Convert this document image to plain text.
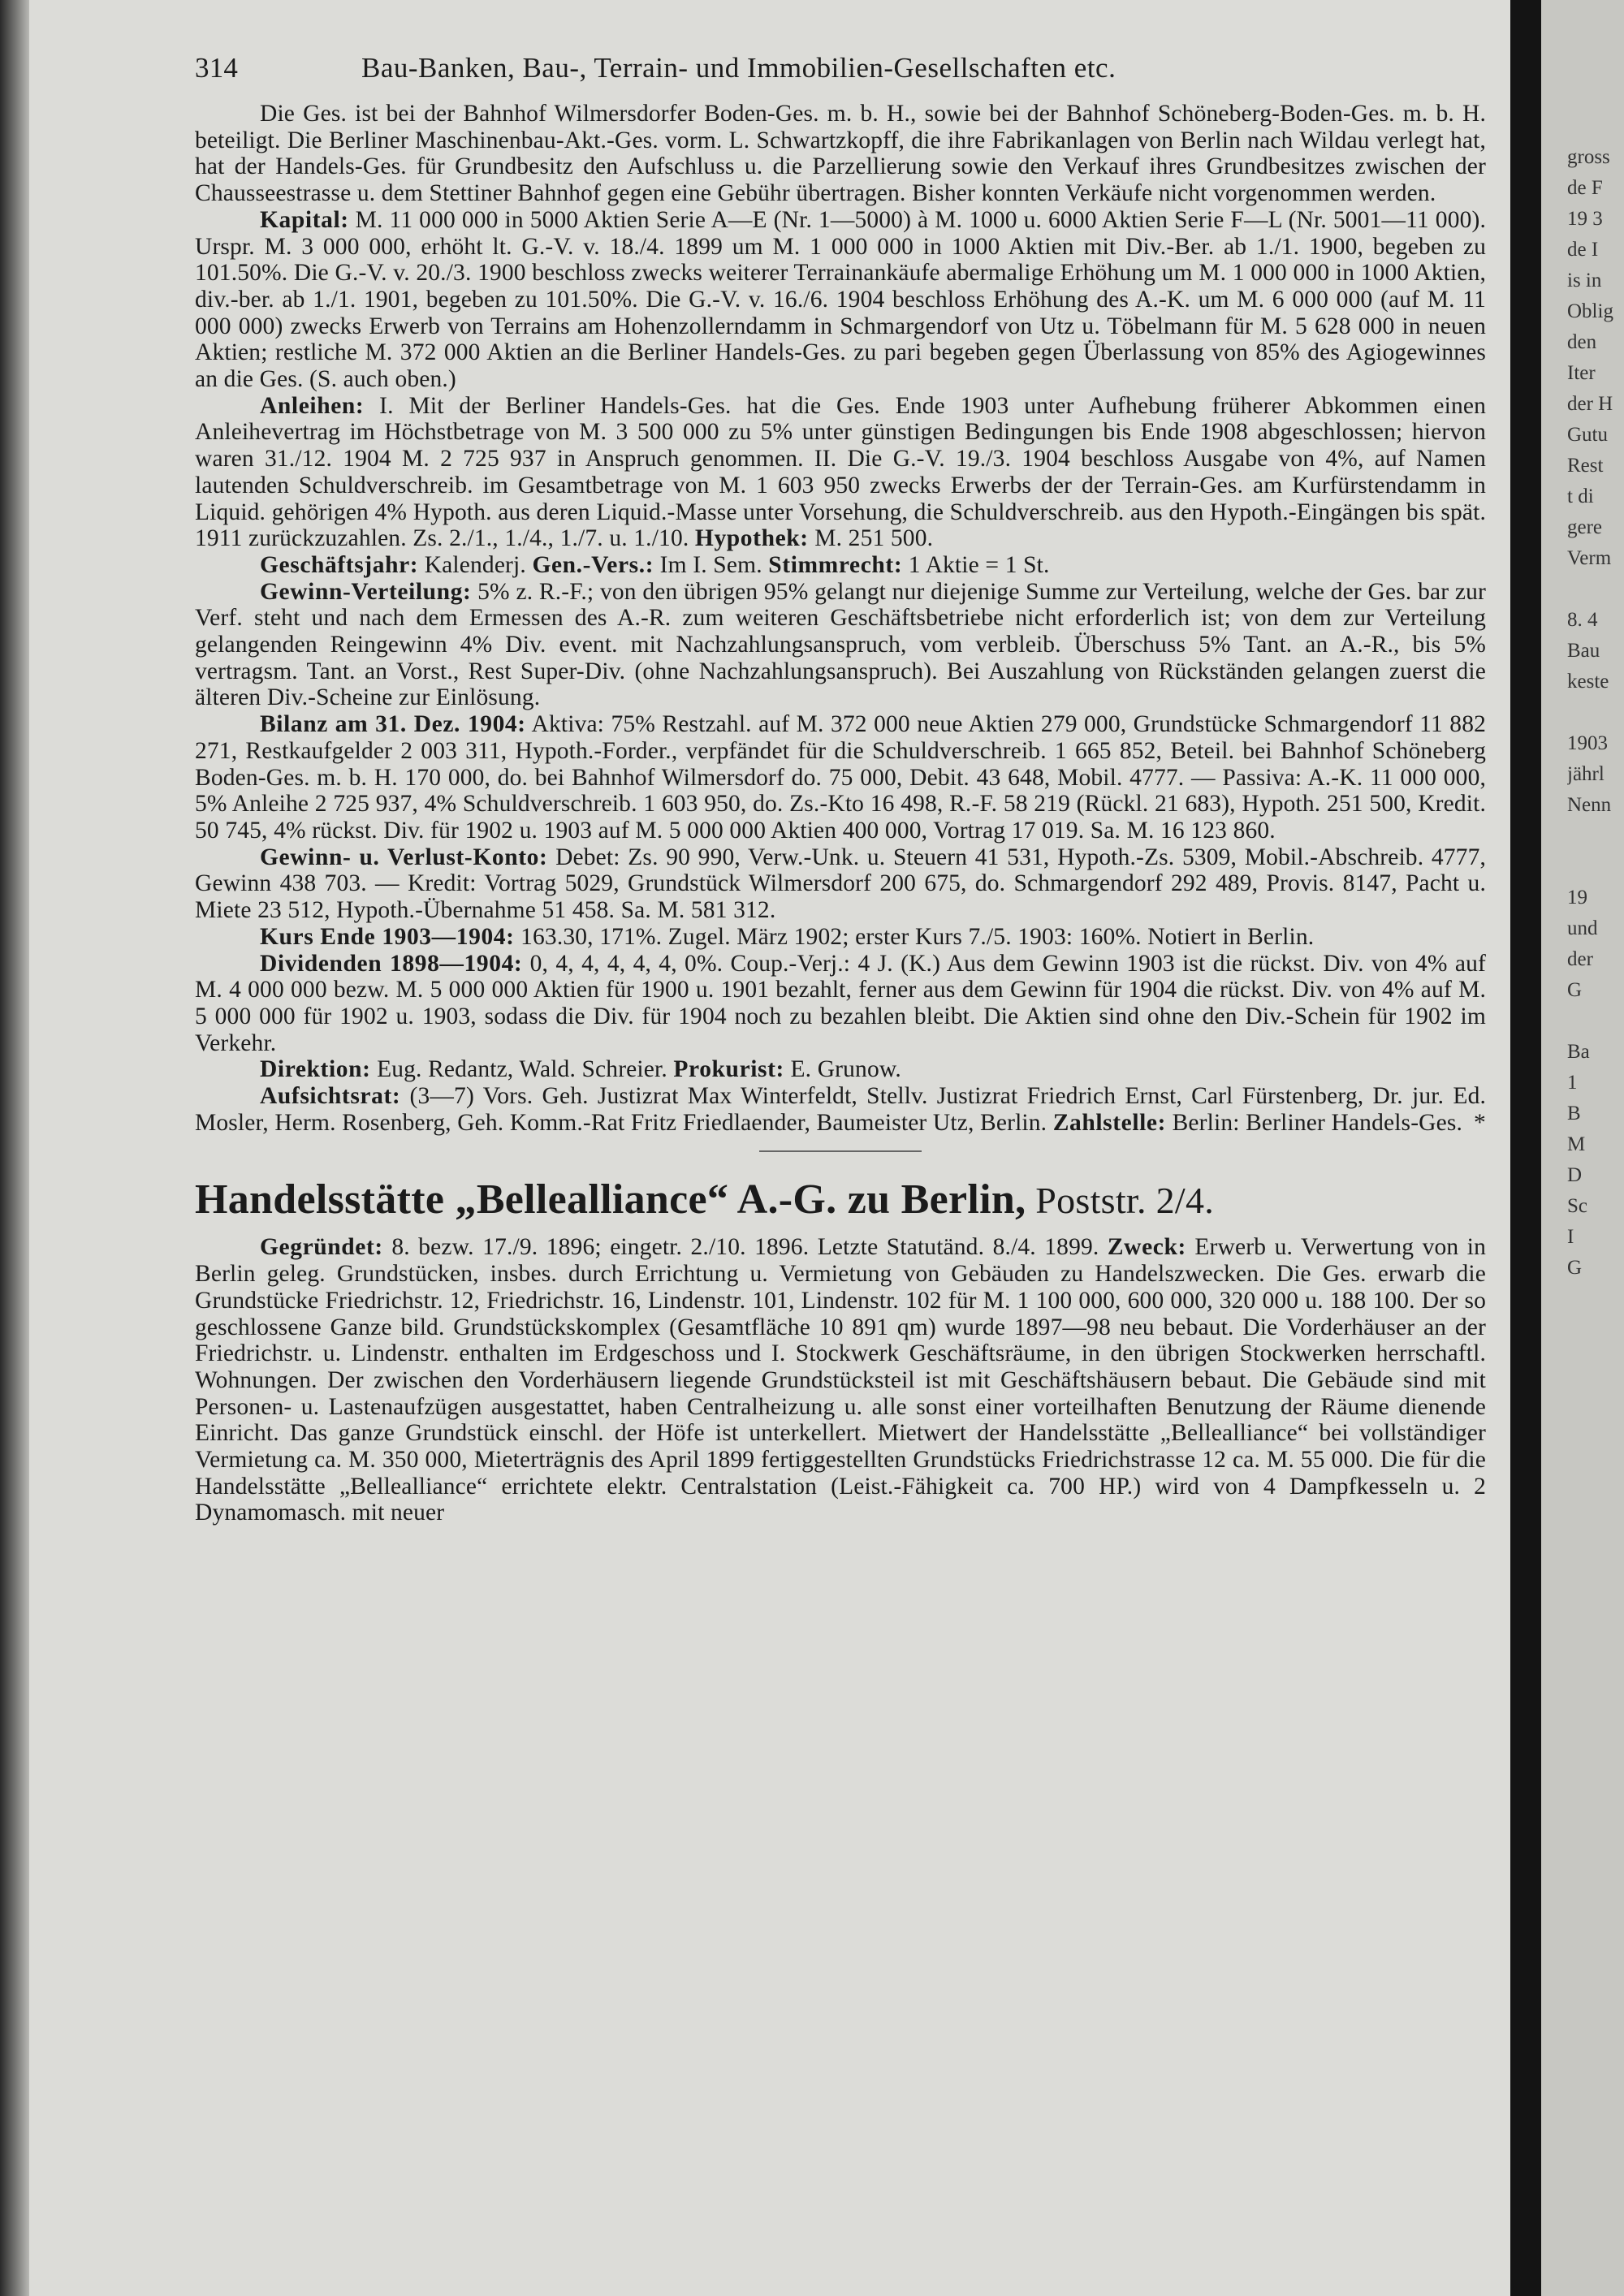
gross
de F
19 3
de I
is in
Oblig
den
Iter
der H
Gutu
Rest
t di
gere
Verm
8. 4
Bau
keste
1903
jährl
Nenn
19
und
der
G
Ba
1
B
M
D
Sc
I
G
314	Bau-Banken, Bau-, Terrain- und Immobilien-Gesellschaften etc.

Die Ges. ist bei der Bahnhof Wilmersdorfer Boden-Ges. m. b. H., sowie bei der Bahnhof Schöneberg-Boden-Ges. m. b. H. beteiligt. Die Berliner Maschinenbau-Akt.-Ges. vorm. L. Schwartzkopff, die ihre Fabrikanlagen von Berlin nach Wildau verlegt hat, hat der Handels-Ges. für Grundbesitz den Aufschluss u. die Parzellierung sowie den Verkauf ihres Grundbesitzes zwischen der Chausseestrasse u. dem Stettiner Bahnhof gegen eine Gebühr übertragen. Bisher konnten Verkäufe nicht vorgenommen werden.

Kapital: M. 11 000 000 in 5000 Aktien Serie A—E (Nr. 1—5000) à M. 1000 u. 6000 Aktien Serie F—L (Nr. 5001—11 000). Urspr. M. 3 000 000, erhöht lt. G.-V. v. 18./4. 1899 um M. 1 000 000 in 1000 Aktien mit Div.-Ber. ab 1./1. 1900, begeben zu 101.50%. Die G.-V. v. 20./3. 1900 beschloss zwecks weiterer Terrainankäufe abermalige Erhöhung um M. 1 000 000 in 1000 Aktien, div.-ber. ab 1./1. 1901, begeben zu 101.50%. Die G.-V. v. 16./6. 1904 beschloss Erhöhung des A.-K. um M. 6 000 000 (auf M. 11 000 000) zwecks Erwerb von Terrains am Hohenzollerndamm in Schmargendorf von Utz u. Töbelmann für M. 5 628 000 in neuen Aktien; restliche M. 372 000 Aktien an die Berliner Handels-Ges. zu pari begeben gegen Überlassung von 85% des Agiogewinnes an die Ges. (S. auch oben.)

Anleihen: I. Mit der Berliner Handels-Ges. hat die Ges. Ende 1903 unter Aufhebung früherer Abkommen einen Anleihevertrag im Höchstbetrage von M. 3 500 000 zu 5% unter günstigen Bedingungen bis Ende 1908 abgeschlossen; hiervon waren 31./12. 1904 M. 2 725 937 in Anspruch genommen. II. Die G.-V. 19./3. 1904 beschloss Ausgabe von 4%, auf Namen lautenden Schuldverschreib. im Gesamtbetrage von M. 1 603 950 zwecks Erwerbs der der Terrain-Ges. am Kurfürstendamm in Liquid. gehörigen 4% Hypoth. aus deren Liquid.-Masse unter Vorsehung, die Schuldverschreib. aus den Hypoth.-Eingängen bis spät. 1911 zurückzuzahlen. Zs. 2./1., 1./4., 1./7. u. 1./10. Hypothek: M. 251 500.

Geschäftsjahr: Kalenderj. Gen.-Vers.: Im I. Sem. Stimmrecht: 1 Aktie = 1 St.

Gewinn-Verteilung: 5% z. R.-F.; von den übrigen 95% gelangt nur diejenige Summe zur Verteilung, welche der Ges. bar zur Verf. steht und nach dem Ermessen des A.-R. zum weiteren Geschäftsbetriebe nicht erforderlich ist; von dem zur Verteilung gelangenden Reingewinn 4% Div. event. mit Nachzahlungsanspruch, vom verbleib. Überschuss 5% Tant. an A.-R., bis 5% vertragsm. Tant. an Vorst., Rest Super-Div. (ohne Nachzahlungsanspruch). Bei Auszahlung von Rückständen gelangen zuerst die älteren Div.-Scheine zur Einlösung.

Bilanz am 31. Dez. 1904: Aktiva: 75% Restzahl. auf M. 372 000 neue Aktien 279 000, Grundstücke Schmargendorf 11 882 271, Restkaufgelder 2 003 311, Hypoth.-Forder., verpfändet für die Schuldverschreib. 1 665 852, Beteil. bei Bahnhof Schöneberg Boden-Ges. m. b. H. 170 000, do. bei Bahnhof Wilmersdorf do. 75 000, Debit. 43 648, Mobil. 4777. — Passiva: A.-K. 11 000 000, 5% Anleihe 2 725 937, 4% Schuldverschreib. 1 603 950, do. Zs.-Kto 16 498, R.-F. 58 219 (Rückl. 21 683), Hypoth. 251 500, Kredit. 50 745, 4% rückst. Div. für 1902 u. 1903 auf M. 5 000 000 Aktien 400 000, Vortrag 17 019. Sa. M. 16 123 860.

Gewinn- u. Verlust-Konto: Debet: Zs. 90 990, Verw.-Unk. u. Steuern 41 531, Hypoth.-Zs. 5309, Mobil.-Abschreib. 4777, Gewinn 438 703. — Kredit: Vortrag 5029, Grundstück Wilmersdorf 200 675, do. Schmargendorf 292 489, Provis. 8147, Pacht u. Miete 23 512, Hypoth.-Übernahme 51 458. Sa. M. 581 312.

Kurs Ende 1903—1904: 163.30, 171%. Zugel. März 1902; erster Kurs 7./5. 1903: 160%. Notiert in Berlin.

Dividenden 1898—1904: 0, 4, 4, 4, 4, 4, 0%. Coup.-Verj.: 4 J. (K.) Aus dem Gewinn 1903 ist die rückst. Div. von 4% auf M. 4 000 000 bezw. M. 5 000 000 Aktien für 1900 u. 1901 bezahlt, ferner aus dem Gewinn für 1904 die rückst. Div. von 4% auf M. 5 000 000 für 1902 u. 1903, sodass die Div. für 1904 noch zu bezahlen bleibt. Die Aktien sind ohne den Div.-Schein für 1902 im Verkehr.

Direktion: Eug. Redantz, Wald. Schreier. Prokurist: E. Grunow.

Aufsichtsrat: (3—7) Vors. Geh. Justizrat Max Winterfeldt, Stellv. Justizrat Friedrich Ernst, Carl Fürstenberg, Dr. jur. Ed. Mosler, Herm. Rosenberg, Geh. Komm.-Rat Fritz Friedlaender, Baumeister Utz, Berlin. Zahlstelle: Berlin: Berliner Handels-Ges. *

Handelsstätte „Bellealliance“ A.-G. zu Berlin, Poststr. 2/4.

Gegründet: 8. bezw. 17./9. 1896; eingetr. 2./10. 1896. Letzte Statutänd. 8./4. 1899. Zweck: Erwerb u. Verwertung von in Berlin geleg. Grundstücken, insbes. durch Errichtung u. Vermietung von Gebäuden zu Handelszwecken. Die Ges. erwarb die Grundstücke Friedrichstr. 12, Friedrichstr. 16, Lindenstr. 101, Lindenstr. 102 für M. 1 100 000, 600 000, 320 000 u. 188 100. Der so geschlossene Ganze bild. Grundstückskomplex (Gesamtfläche 10 891 qm) wurde 1897—98 neu bebaut. Die Vorderhäuser an der Friedrichstr. u. Lindenstr. enthalten im Erdgeschoss und I. Stockwerk Geschäftsräume, in den übrigen Stockwerken herrschaftl. Wohnungen. Der zwischen den Vorderhäusern liegende Grundstücksteil ist mit Geschäftshäusern bebaut. Die Gebäude sind mit Personen- u. Lastenaufzügen ausgestattet, haben Centralheizung u. alle sonst einer vorteilhaften Benutzung der Räume dienende Einricht. Das ganze Grundstück einschl. der Höfe ist unterkellert. Mietwert der Handelsstätte „Bellealliance“ bei vollständiger Vermietung ca. M. 350 000, Mieterträgnis des April 1899 fertiggestellten Grundstücks Friedrichstrasse 12 ca. M. 55 000. Die für die Handelsstätte „Bellealliance“ errichtete elektr. Centralstation (Leist.-Fähigkeit ca. 700 HP.) wird von 4 Dampfkesseln u. 2 Dynamomasch. mit neuer
